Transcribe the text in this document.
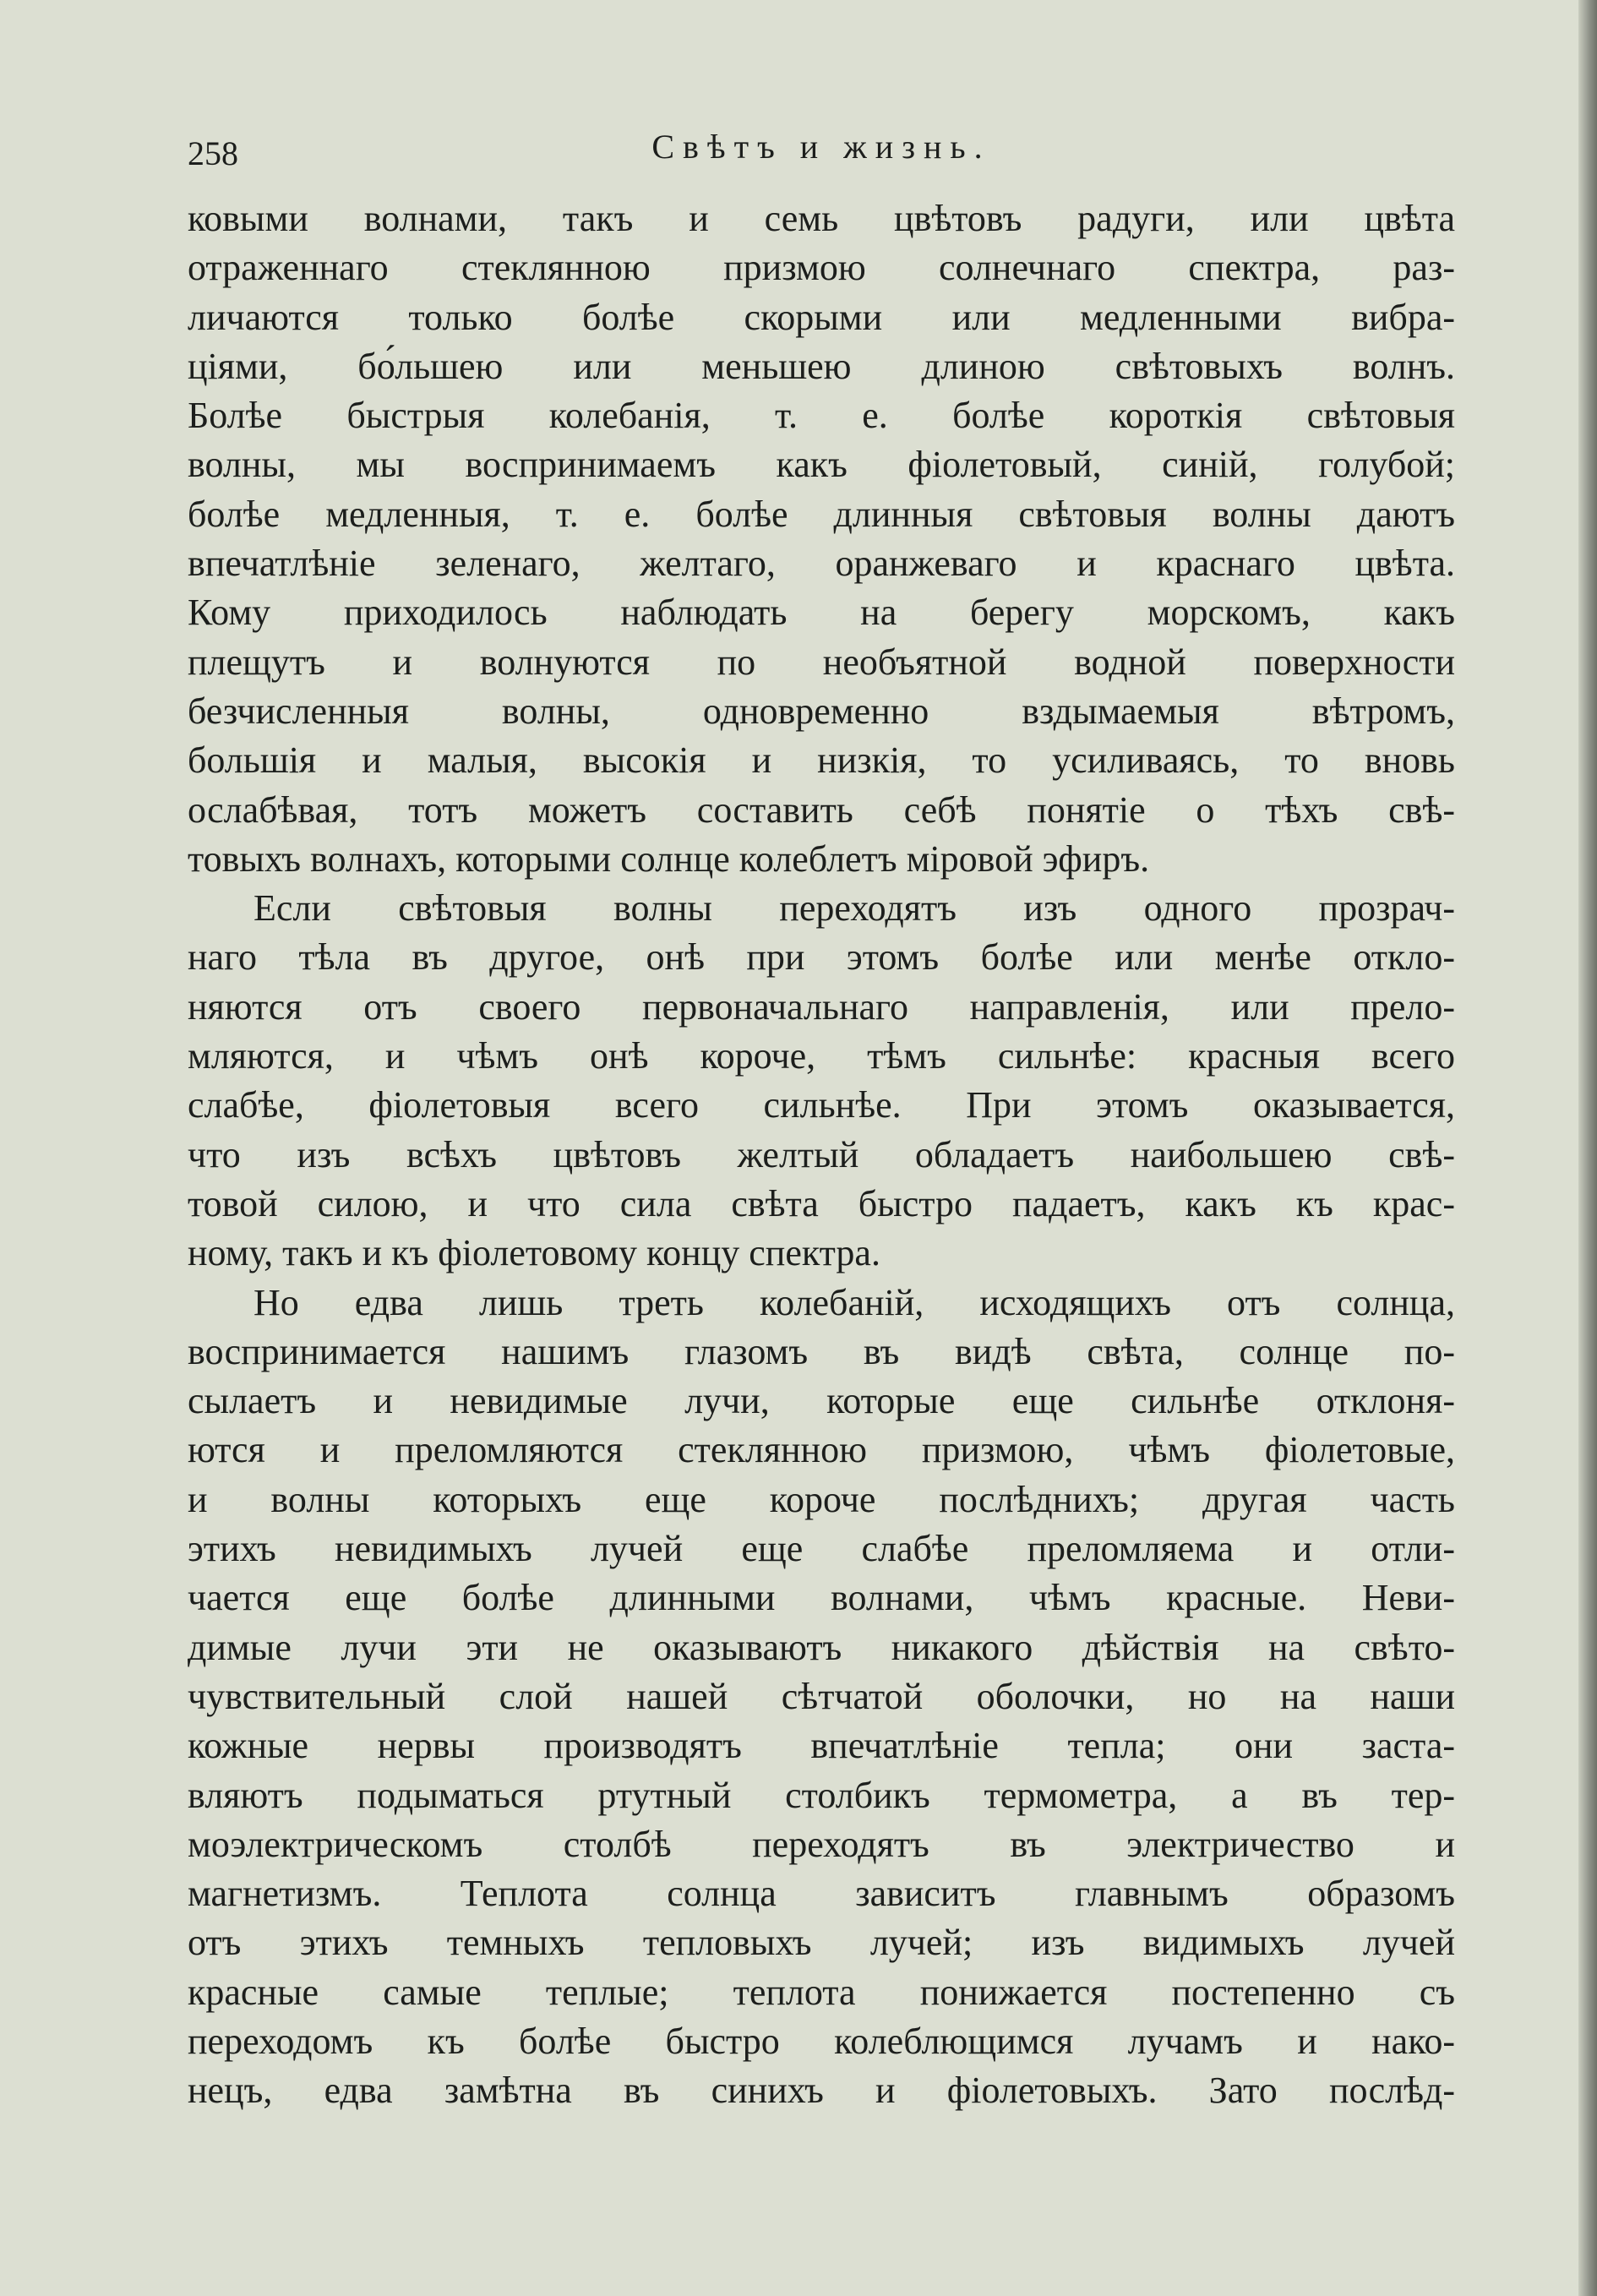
258	Свѣтъ и жизнь.

ковыми волнами, такъ и семь цвѣтовъ радуги, или цвѣта
отраженнаго стеклянною призмою солнечнаго спектра, раз-
личаются только болѣе скорыми или медленными вибра-
ціями, бо́льшею или меньшею длиною свѣтовыхъ волнъ.
Болѣе быстрыя колебанія, т. е. болѣе короткія свѣтовыя
волны, мы воспринимаемъ какъ фіолетовый, синій, голубой;
болѣе медленныя, т. е. болѣе длинныя свѣтовыя волны даютъ
впечатлѣніе зеленаго, желтаго, оранжеваго и краснаго цвѣта.
Кому приходилось наблюдать на берегу морскомъ, какъ
плещутъ и волнуются по необъятной водной поверхности
безчисленныя волны, одновременно вздымаемыя вѣтромъ,
большія и малыя, высокія и низкія, то усиливаясь, то вновь
ослабѣвая, тотъ можетъ составить себѣ понятіе о тѣхъ свѣ-
товыхъ волнахъ, которыми солнце колеблетъ міровой эфиръ.

Если свѣтовыя волны переходятъ изъ одного прозрач-
наго тѣла въ другое, онѣ при этомъ болѣе или менѣе откло-
няются отъ своего первоначальнаго направленія, или прело-
мляются, и чѣмъ онѣ короче, тѣмъ сильнѣе: красныя всего
слабѣе, фіолетовыя всего сильнѣе. При этомъ оказывается,
что изъ всѣхъ цвѣтовъ желтый обладаетъ наибольшею свѣ-
товой силою, и что сила свѣта быстро падаетъ, какъ къ крас-
ному, такъ и къ фіолетовому концу спектра.

Но едва лишь треть колебаній, исходящихъ отъ солнца,
воспринимается нашимъ глазомъ въ видѣ свѣта, солнце по-
сылаетъ и невидимые лучи, которые еще сильнѣе отклоня-
ются и преломляются стеклянною призмою, чѣмъ фіолетовые,
и волны которыхъ еще короче послѣднихъ; другая часть
этихъ невидимыхъ лучей еще слабѣе преломляема и отли-
чается еще болѣе длинными волнами, чѣмъ красные. Неви-
димые лучи эти не оказываютъ никакого дѣйствія на свѣто-
чувствительный слой нашей сѣтчатой оболочки, но на наши
кожные нервы производятъ впечатлѣніе тепла; они заста-
вляютъ подыматься ртутный столбикъ термометра, а въ тер-
моэлектрическомъ столбѣ переходятъ въ электричество и
магнетизмъ. Теплота солнца зависитъ главнымъ образомъ
отъ этихъ темныхъ тепловыхъ лучей; изъ видимыхъ лучей
красные самые теплые; теплота понижается постепенно съ
переходомъ къ болѣе быстро колеблющимся лучамъ и нако-
нецъ, едва замѣтна въ синихъ и фіолетовыхъ. Зато послѣд-
